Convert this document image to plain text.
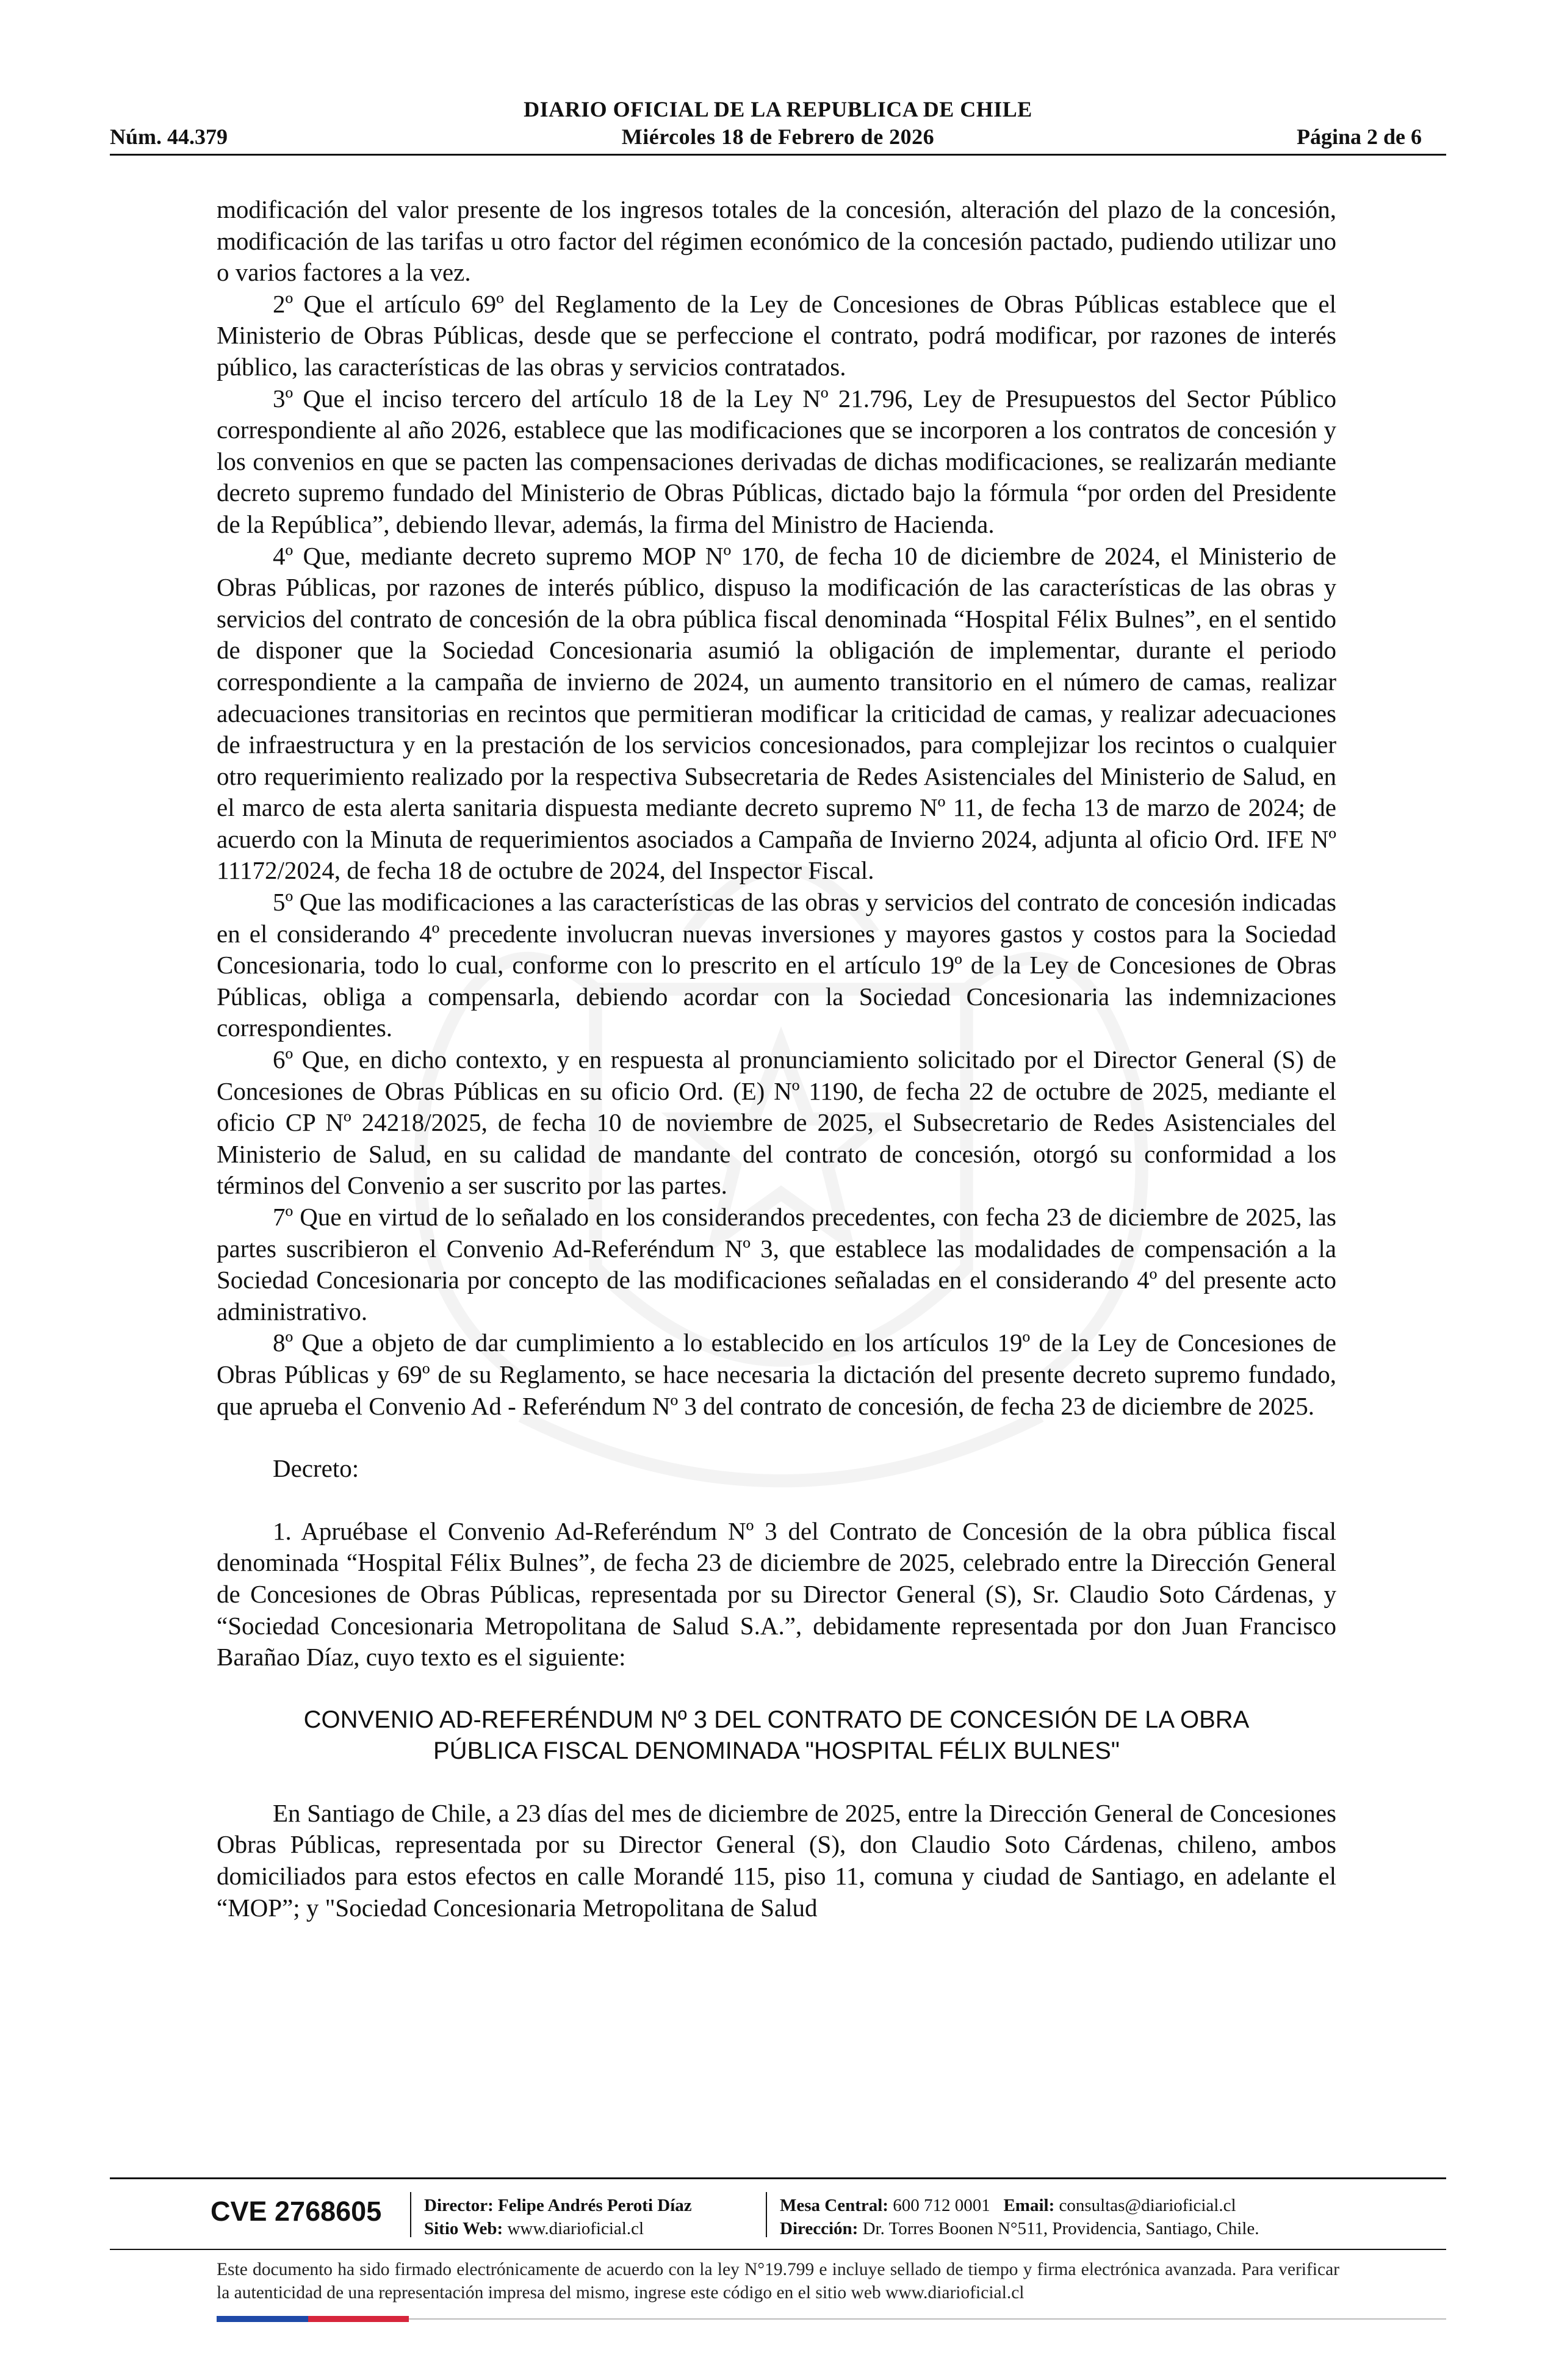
DIARIO OFICIAL DE LA REPUBLICA DE CHILE
Miércoles 18 de Febrero de 2026
Núm. 44.379	Página 2 de 6

modificación del valor presente de los ingresos totales de la concesión, alteración del plazo de la concesión, modificación de las tarifas u otro factor del régimen económico de la concesión pactado, pudiendo utilizar uno o varios factores a la vez.

2º Que el artículo 69º del Reglamento de la Ley de Concesiones de Obras Públicas establece que el Ministerio de Obras Públicas, desde que se perfeccione el contrato, podrá modificar, por razones de interés público, las características de las obras y servicios contratados.

3º Que el inciso tercero del artículo 18 de la Ley Nº 21.796, Ley de Presupuestos del Sector Público correspondiente al año 2026, establece que las modificaciones que se incorporen a los contratos de concesión y los convenios en que se pacten las compensaciones derivadas de dichas modificaciones, se realizarán mediante decreto supremo fundado del Ministerio de Obras Públicas, dictado bajo la fórmula “por orden del Presidente de la República”, debiendo llevar, además, la firma del Ministro de Hacienda.

4º Que, mediante decreto supremo MOP Nº 170, de fecha 10 de diciembre de 2024, el Ministerio de Obras Públicas, por razones de interés público, dispuso la modificación de las características de las obras y servicios del contrato de concesión de la obra pública fiscal denominada “Hospital Félix Bulnes”, en el sentido de disponer que la Sociedad Concesionaria asumió la obligación de implementar, durante el periodo correspondiente a la campaña de invierno de 2024, un aumento transitorio en el número de camas, realizar adecuaciones transitorias en recintos que permitieran modificar la criticidad de camas, y realizar adecuaciones de infraestructura y en la prestación de los servicios concesionados, para complejizar los recintos o cualquier otro requerimiento realizado por la respectiva Subsecretaria de Redes Asistenciales del Ministerio de Salud, en el marco de esta alerta sanitaria dispuesta mediante decreto supremo Nº 11, de fecha 13 de marzo de 2024; de acuerdo con la Minuta de requerimientos asociados a Campaña de Invierno 2024, adjunta al oficio Ord. IFE Nº 11172/2024, de fecha 18 de octubre de 2024, del Inspector Fiscal.

5º Que las modificaciones a las características de las obras y servicios del contrato de concesión indicadas en el considerando 4º precedente involucran nuevas inversiones y mayores gastos y costos para la Sociedad Concesionaria, todo lo cual, conforme con lo prescrito en el artículo 19º de la Ley de Concesiones de Obras Públicas, obliga a compensarla, debiendo acordar con la Sociedad Concesionaria las indemnizaciones correspondientes.

6º Que, en dicho contexto, y en respuesta al pronunciamiento solicitado por el Director General (S) de Concesiones de Obras Públicas en su oficio Ord. (E) Nº 1190, de fecha 22 de octubre de 2025, mediante el oficio CP Nº 24218/2025, de fecha 10 de noviembre de 2025, el Subsecretario de Redes Asistenciales del Ministerio de Salud, en su calidad de mandante del contrato de concesión, otorgó su conformidad a los términos del Convenio a ser suscrito por las partes.

7º Que en virtud de lo señalado en los considerandos precedentes, con fecha 23 de diciembre de 2025, las partes suscribieron el Convenio Ad-Referéndum Nº 3, que establece las modalidades de compensación a la Sociedad Concesionaria por concepto de las modificaciones señaladas en el considerando 4º del presente acto administrativo.

8º Que a objeto de dar cumplimiento a lo establecido en los artículos 19º de la Ley de Concesiones de Obras Públicas y 69º de su Reglamento, se hace necesaria la dictación del presente decreto supremo fundado, que aprueba el Convenio Ad - Referéndum Nº 3 del contrato de concesión, de fecha 23 de diciembre de 2025.

Decreto:

1. Apruébase el Convenio Ad-Referéndum Nº 3 del Contrato de Concesión de la obra pública fiscal denominada “Hospital Félix Bulnes”, de fecha 23 de diciembre de 2025, celebrado entre la Dirección General de Concesiones de Obras Públicas, representada por su Director General (S), Sr. Claudio Soto Cárdenas, y “Sociedad Concesionaria Metropolitana de Salud S.A.”, debidamente representada por don Juan Francisco Barañao Díaz, cuyo texto es el siguiente:

CONVENIO AD-REFERÉNDUM Nº 3 DEL CONTRATO DE CONCESIÓN DE LA OBRA
PÚBLICA FISCAL DENOMINADA "HOSPITAL FÉLIX BULNES"

En Santiago de Chile, a 23 días del mes de diciembre de 2025, entre la Dirección General de Concesiones Obras Públicas, representada por su Director General (S), don Claudio Soto Cárdenas, chileno, ambos domiciliados para estos efectos en calle Morandé 115, piso 11, comuna y ciudad de Santiago, en adelante el “MOP”; y "Sociedad Concesionaria Metropolitana de Salud

CVE 2768605 Director: Felipe Andrés Peroti Díaz
Sitio Web: www.diarioficial.cl
Mesa Central: 600 712 0001 Email: consultas@diarioficial.cl
Dirección: Dr. Torres Boonen N°511, Providencia, Santiago, Chile.
Este documento ha sido firmado electrónicamente de acuerdo con la ley N°19.799 e incluye sellado de tiempo y firma electrónica avanzada. Para verificar la autenticidad de una representación impresa del mismo, ingrese este código en el sitio web www.diarioficial.cl
